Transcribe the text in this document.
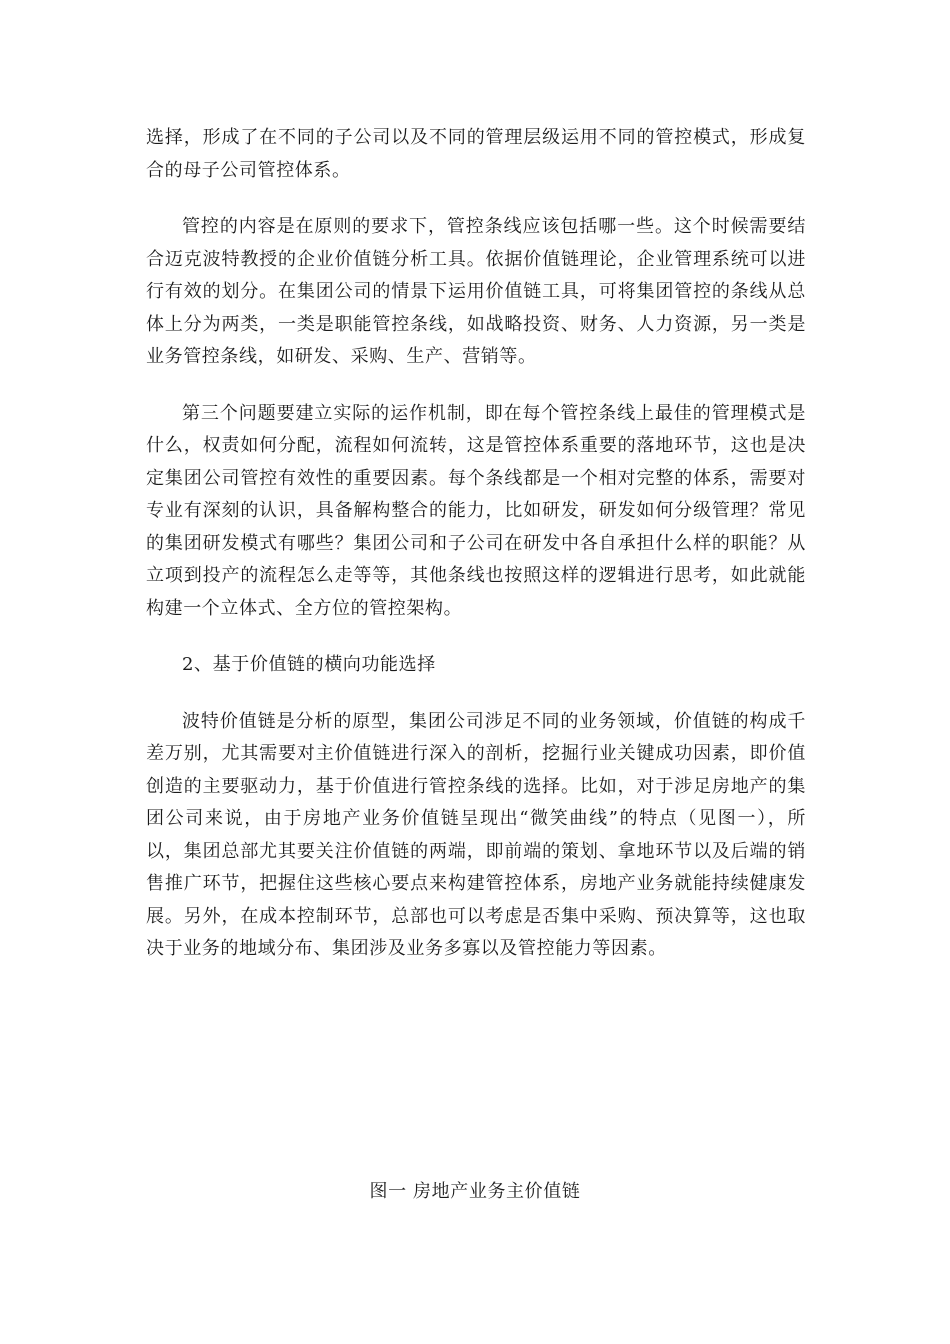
选择，形成了在不同的子公司以及不同的管理层级运用不同的管控模式，形成复合的母子公司管控体系。

管控的内容是在原则的要求下，管控条线应该包括哪一些。这个时候需要结合迈克波特教授的企业价值链分析工具。依据价值链理论，企业管理系统可以进行有效的划分。在集团公司的情景下运用价值链工具，可将集团管控的条线从总体上分为两类，一类是职能管控条线，如战略投资、财务、人力资源，另一类是业务管控条线，如研发、采购、生产、营销等。

第三个问题要建立实际的运作机制，即在每个管控条线上最佳的管理模式是什么，权责如何分配，流程如何流转，这是管控体系重要的落地环节，这也是决定集团公司管控有效性的重要因素。每个条线都是一个相对完整的体系，需要对专业有深刻的认识，具备解构整合的能力，比如研发，研发如何分级管理？常见的集团研发模式有哪些？集团公司和子公司在研发中各自承担什么样的职能？从立项到投产的流程怎么走等等，其他条线也按照这样的逻辑进行思考，如此就能构建一个立体式、全方位的管控架构。

2、基于价值链的横向功能选择

波特价值链是分析的原型，集团公司涉足不同的业务领域，价值链的构成千差万别，尤其需要对主价值链进行深入的剖析，挖掘行业关键成功因素，即价值创造的主要驱动力，基于价值进行管控条线的选择。比如，对于涉足房地产的集团公司来说，由于房地产业务价值链呈现出“微笑曲线”的特点（见图一），所以，集团总部尤其要关注价值链的两端，即前端的策划、拿地环节以及后端的销售推广环节，把握住这些核心要点来构建管控体系，房地产业务就能持续健康发展。另外，在成本控制环节，总部也可以考虑是否集中采购、预决算等，这也取决于业务的地域分布、集团涉及业务多寡以及管控能力等因素。

图一 房地产业务主价值链
